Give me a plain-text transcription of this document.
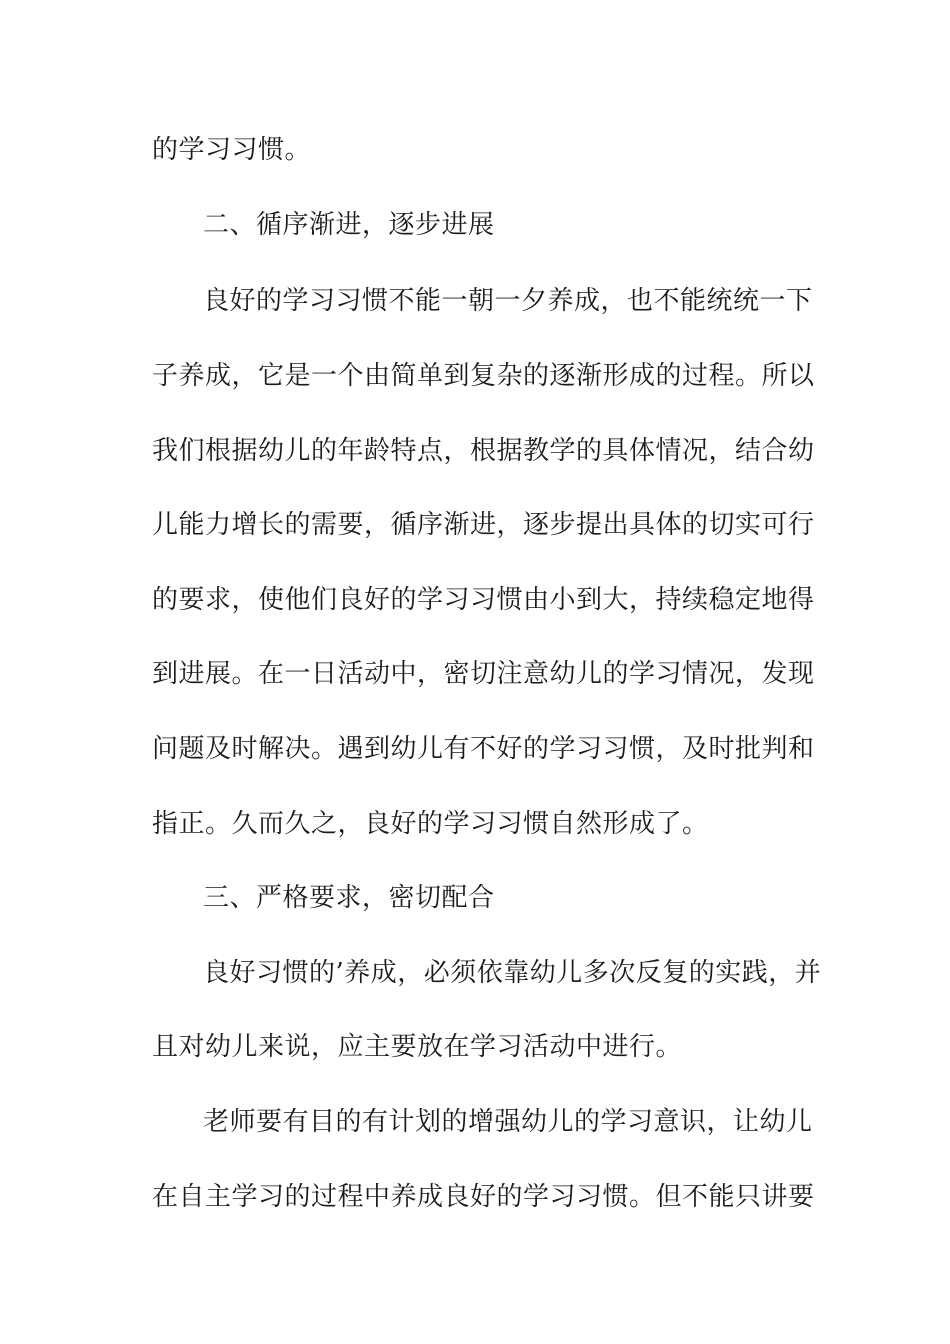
的学习习惯。
二、循序渐进，逐步进展
良好的学习习惯不能一朝一夕养成，也不能统统一下
子养成，它是一个由简单到复杂的逐渐形成的过程。所以
我们根据幼儿的年龄特点，根据教学的具体情况，结合幼
儿能力增长的需要，循序渐进，逐步提出具体的切实可行
的要求，使他们良好的学习习惯由小到大，持续稳定地得
到进展。在一日活动中，密切注意幼儿的学习情况，发现
问题及时解决。遇到幼儿有不好的学习习惯，及时批判和
指正。久而久之，良好的学习习惯自然形成了。
三、严格要求，密切配合
良好习惯的’养成，必须依靠幼儿多次反复的实践，并
且对幼儿来说，应主要放在学习活动中进行。
老师要有目的有计划的增强幼儿的学习意识，让幼儿
在自主学习的过程中养成良好的学习习惯。但不能只讲要
